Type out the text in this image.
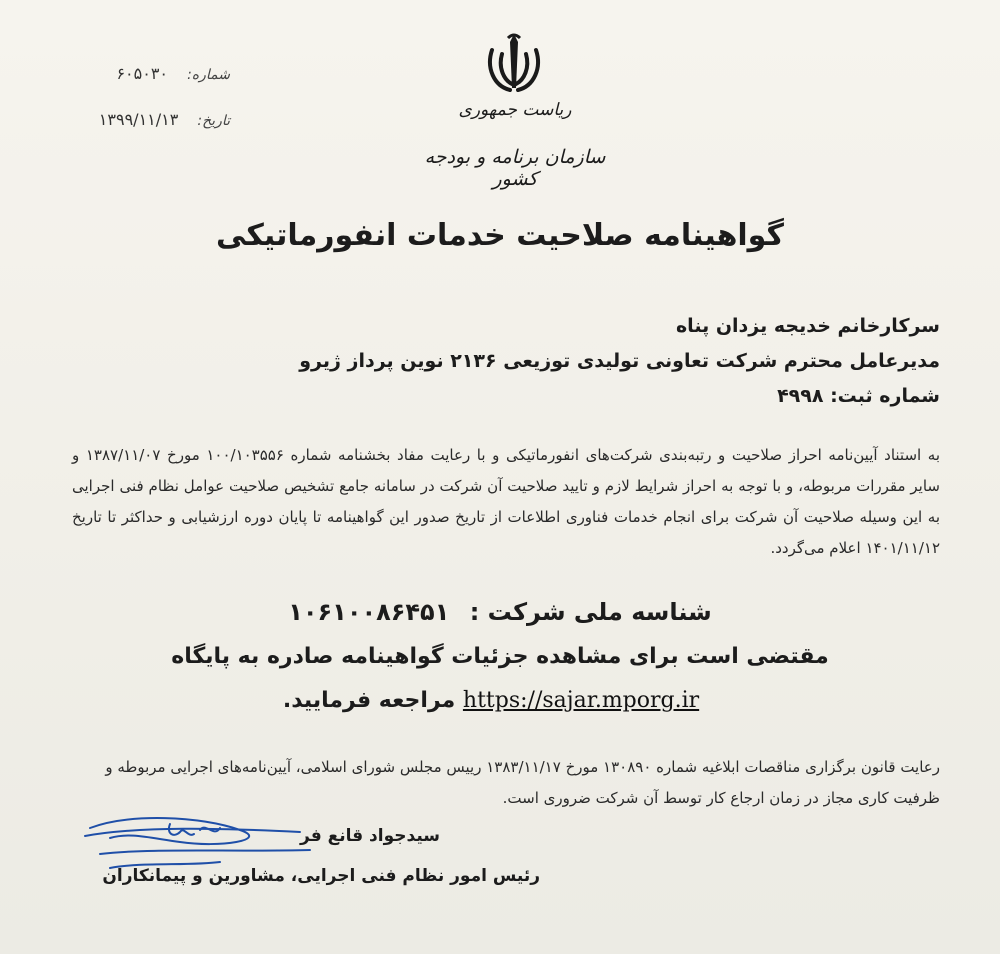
شماره: ۶۰۵۰۳۰
تاریخ: ۱۳۹۹/۱۱/۱۳	ریاست جمهوری
سازمان برنامه و بودجه کشور
گواهینامه صلاحیت خدمات انفورماتیکی
سرکارخانم خدیجه یزدان پناه
مدیرعامل محترم شرکت تعاونی تولیدی توزیعی ۲۱۳۶ نوین پرداز ژیرو
شماره ثبت: ۴۹۹۸
به استناد آیین‌نامه احراز صلاحیت و رتبه‌بندی شرکت‌های انفورماتیکی و با رعایت مفاد بخشنامه شماره ۱۰۰/۱۰۳۵۵۶ مورخ ۱۳۸۷/۱۱/۰۷ و سایر مقررات مربوطه، و با توجه به احراز شرایط لازم و تایید صلاحیت آن شرکت در سامانه جامع تشخیص صلاحیت عوامل نظام فنی اجرایی به این وسیله صلاحیت آن شرکت برای انجام خدمات فناوری اطلاعات از تاریخ صدور این گواهینامه تا پایان دوره ارزشیابی و حداکثر تا تاریخ ۱۴۰۱/۱۱/۱۲ اعلام می‌گردد.
شناسه ملی شرکت : ۱۰۶۱۰۰۸۶۴۵۱
مقتضی است برای مشاهده جزئیات گواهینامه صادره به پایگاه
https://sajar.mporg.ir مراجعه فرمایید.
رعایت قانون برگزاری مناقصات ابلاغیه شماره ۱۳۰۸۹۰ مورخ ۱۳۸۳/۱۱/۱۷ رییس مجلس شورای اسلامی، آیین‌نامه‌های اجرایی مربوطه و ظرفیت کاری مجاز در زمان ارجاع کار توسط آن شرکت ضروری است.
سیدجواد قانع فر
رئیس امور نظام فنی اجرایی، مشاورین و پیمانکاران
